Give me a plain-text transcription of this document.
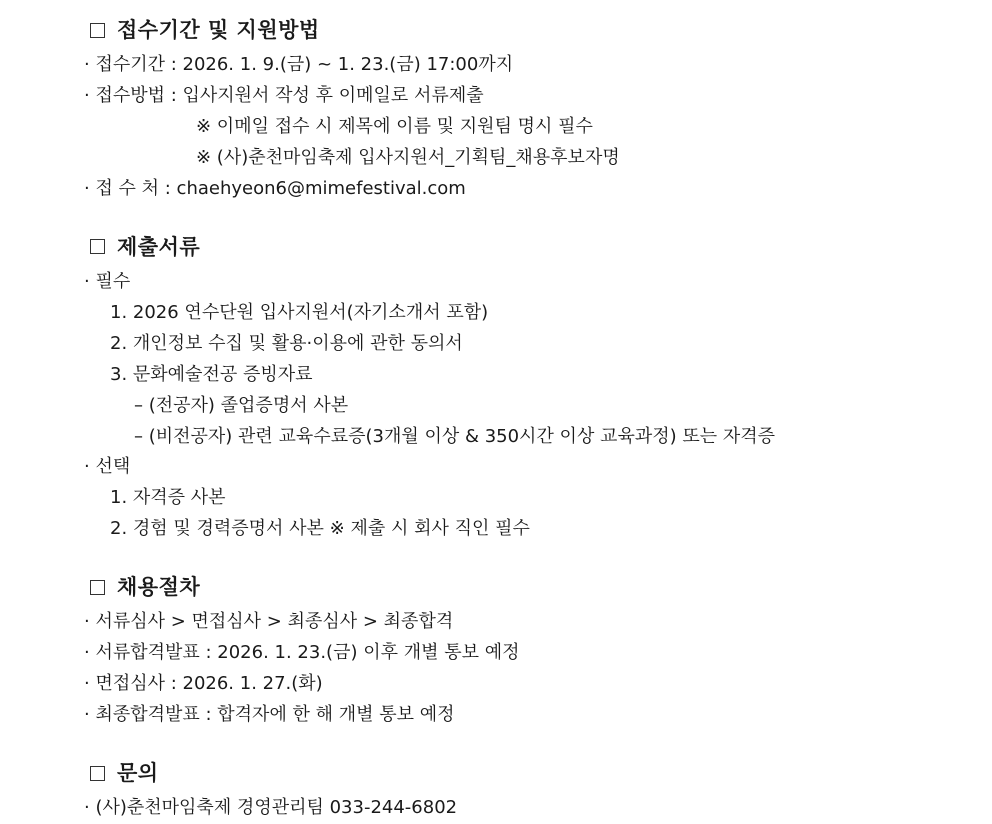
접수기간 및 지원방법
· 접수기간 : 2026. 1. 9.(금) ~ 1. 23.(금) 17:00까지
· 접수방법 : 입사지원서 작성 후 이메일로 서류제출
※ 이메일 접수 시 제목에 이름 및 지원팀 명시 필수
※ (사)춘천마임축제 입사지원서_기획팀_채용후보자명
· 접 수 처 : chaehyeon6@mimefestival.com
제출서류
· 필수
1. 2026 연수단원 입사지원서(자기소개서 포함)
2. 개인정보 수집 및 활용·이용에 관한 동의서
3. 문화예술전공 증빙자료
– (전공자) 졸업증명서 사본
– (비전공자) 관련 교육수료증(3개월 이상 & 350시간 이상 교육과정) 또는 자격증
· 선택
1. 자격증 사본
2. 경험 및 경력증명서 사본 ※ 제출 시 회사 직인 필수
채용절차
· 서류심사 > 면접심사 > 최종심사 > 최종합격
· 서류합격발표 : 2026. 1. 23.(금) 이후 개별 통보 예정
· 면접심사 : 2026. 1. 27.(화)
· 최종합격발표 : 합격자에 한 해 개별 통보 예정
문의
· (사)춘천마임축제 경영관리팀 033-244-6802
